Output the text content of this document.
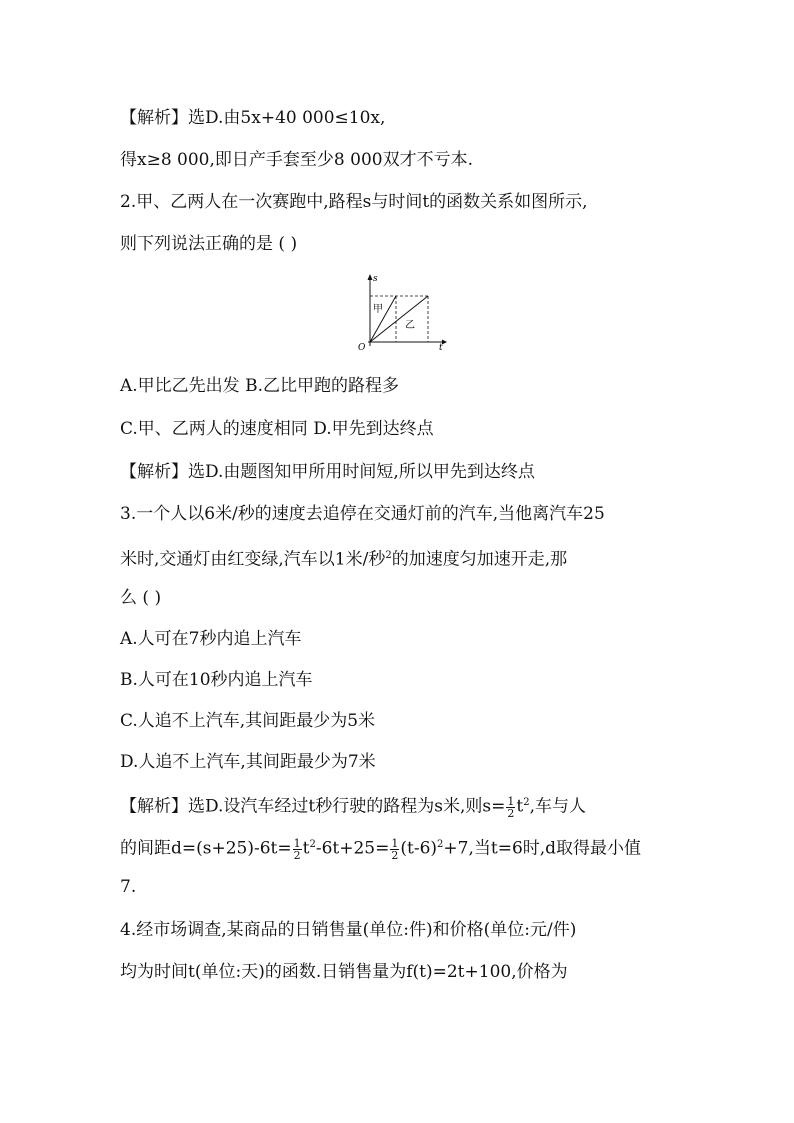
【解析】选D.由5x+40 000≤10x,
得x≥8 000,即日产手套至少8 000双才不亏本.
2.甲、乙两人在一次赛跑中,路程s与时间t的函数关系如图所示,
则下列说法正确的是 ( )
s
t
O
甲
乙
A.甲比乙先出发 B.乙比甲跑的路程多
C.甲、乙两人的速度相同 D.甲先到达终点
【解析】选D.由题图知甲所用时间短,所以甲先到达终点
3.一个人以6米/秒的速度去追停在交通灯前的汽车,当他离汽车25
米时,交通灯由红变绿,汽车以1米/秒$^2$的加速度匀加速开走,那
么 ( )
A.人可在7秒内追上汽车
B.人可在10秒内追上汽车
C.人追不上汽车,其间距最少为5米
D.人追不上汽车,其间距最少为7米
【解析】选D.设汽车经过t秒行驶的路程为s米,则$s= \frac{1}{2} t^2$,车与人
的间距$d=(s+25)-6t= \frac{1}{2} t^2-6t+25= \frac{1}{2} (t-6)^2+7$,当t=6时,d取得最小值
7.
4.经市场调查,某商品的日销售量(单位:件)和价格(单位:元/件)
均为时间t(单位:天)的函数.日销售量为f(t)=2t+100,价格为
